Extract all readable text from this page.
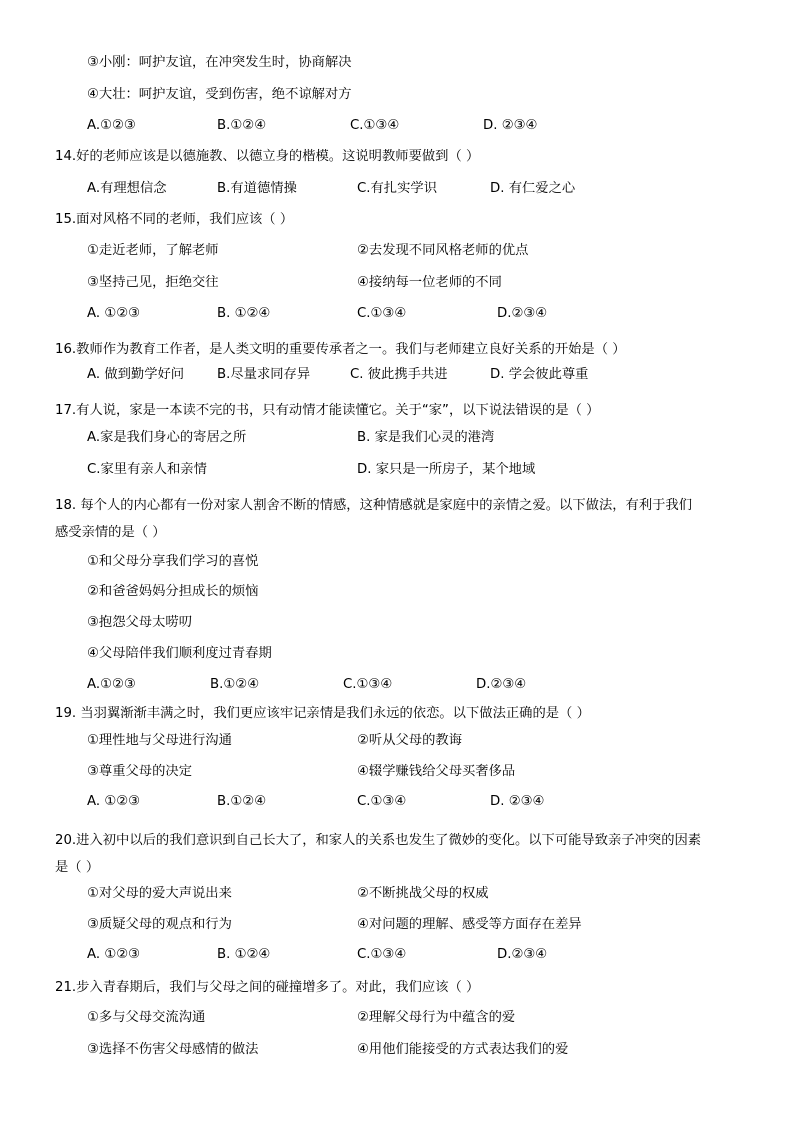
③小刚：呵护友谊，在冲突发生时，协商解决
④大壮：呵护友谊，受到伤害，绝不谅解对方
A.①②③	B.①②④	C.①③④	D. ②③④
14.好的老师应该是以德施教、以德立身的楷模。这说明教师要做到（ ）
A.有理想信念	B.有道德情操	C.有扎实学识	D. 有仁爱之心
15.面对风格不同的老师，我们应该（ ）
①走近老师，了解老师	②去发现不同风格老师的优点
③坚持己见，拒绝交往	④接纳每一位老师的不同
A. ①②③	B. ①②④	C.①③④	D.②③④
16.教师作为教育工作者，是人类文明的重要传承者之一。我们与老师建立良好关系的开始是（ ）
A. 做到勤学好问 B.尽量求同存异	C. 彼此携手共进	D. 学会彼此尊重
17.有人说，家是一本读不完的书，只有动情才能读懂它。关于“家”，以下说法错误的是（ ）
A.家是我们身心的寄居之所	B. 家是我们心灵的港湾
C.家里有亲人和亲情	D. 家只是一所房子，某个地域
18. 每个人的内心都有一份对家人割舍不断的情感，这种情感就是家庭中的亲情之爱。以下做法，有利于我们
感受亲情的是（ ）
①和父母分享我们学习的喜悦
②和爸爸妈妈分担成长的烦恼
③抱怨父母太唠叨
④父母陪伴我们顺利度过青春期
A.①②③	B.①②④	C.①③④	D.②③④
19. 当羽翼渐渐丰满之时，我们更应该牢记亲情是我们永远的依恋。以下做法正确的是（ ）
①理性地与父母进行沟通	②听从父母的教诲
③尊重父母的决定	④辍学赚钱给父母买奢侈品
A. ①②③	B.①②④	C.①③④	D. ②③④
20.进入初中以后的我们意识到自己长大了，和家人的关系也发生了微妙的变化。以下可能导致亲子冲突的因素
是（ ）
①对父母的爱大声说出来	②不断挑战父母的权威
③质疑父母的观点和行为	④对问题的理解、感受等方面存在差异
A. ①②③	B. ①②④	C.①③④	D.②③④
21.步入青春期后，我们与父母之间的碰撞增多了。对此，我们应该（ ）
①多与父母交流沟通	②理解父母行为中蕴含的爱
③选择不伤害父母感情的做法	④用他们能接受的方式表达我们的爱
